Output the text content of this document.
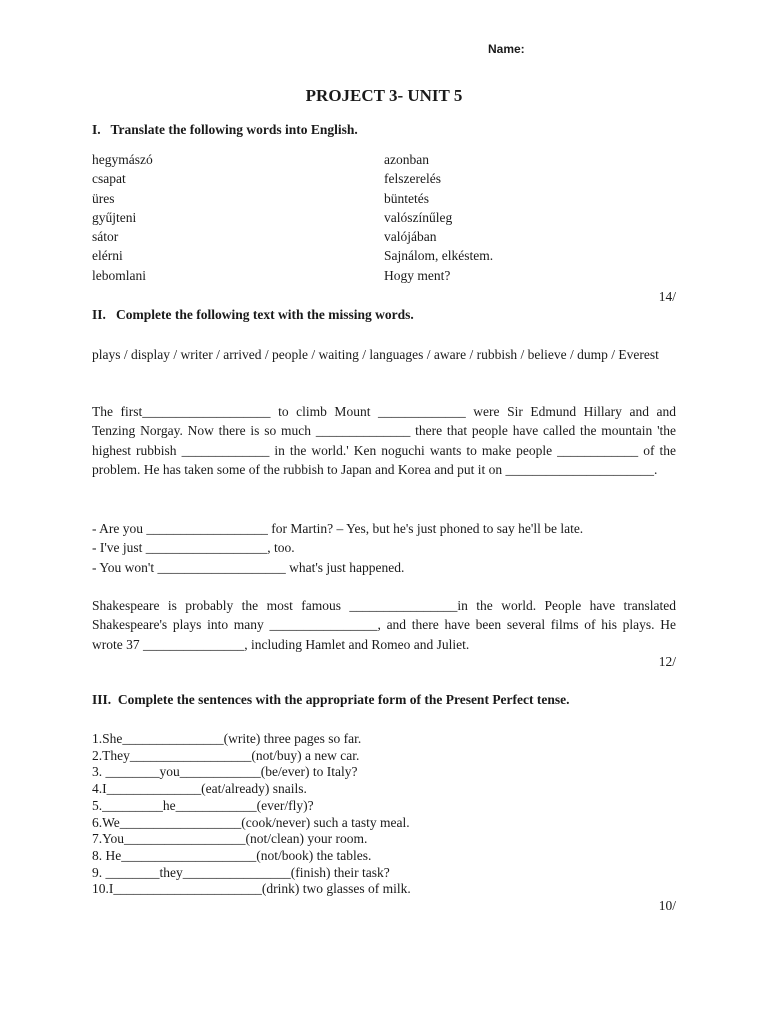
Name:
PROJECT 3- UNIT 5
I.   Translate the following words into English.
hegymászó	azonban
csapat	felszerelés
üres	büntetés
gyűjteni	valószínűleg
sátor	valójában
elérni	Sajnálom, elkéstem.
lebomlani	Hogy ment?
14/
II.   Complete the following text with the missing words.
plays / display / writer / arrived / people / waiting / languages / aware / rubbish / believe / dump / Everest
The first___________________ to climb Mount _____________ were Sir Edmund Hillary and and Tenzing Norgay. Now there is so much ______________ there that people have called the mountain 'the highest rubbish _____________ in the world.' Ken noguchi wants to make people ____________ of the problem. He has taken some of the rubbish to Japan and Korea and put it on ______________________.
- Are you __________________ for Martin? – Yes, but he's just phoned to say he'll be late.
- I've just __________________, too.
- You won't ___________________ what's just happened.
Shakespeare is probably the most famous ________________in the world. People have translated Shakespeare's plays into many ________________, and there have been several films of his plays. He wrote 37 _______________, including Hamlet and Romeo and Juliet.
12/
III.  Complete the sentences with the appropriate form of the Present Perfect tense.
1.She_______________(write) three pages so far.
2.They__________________(not/buy) a new car.
3. ________you____________(be/ever) to Italy?
4.I______________(eat/already) snails.
5._________he____________(ever/fly)?
6.We__________________(cook/never) such a tasty meal.
7.You__________________(not/clean) your room.
8. He____________________(not/book) the tables.
9. ________they________________(finish) their task?
10.I______________________(drink) two glasses of milk.
10/
